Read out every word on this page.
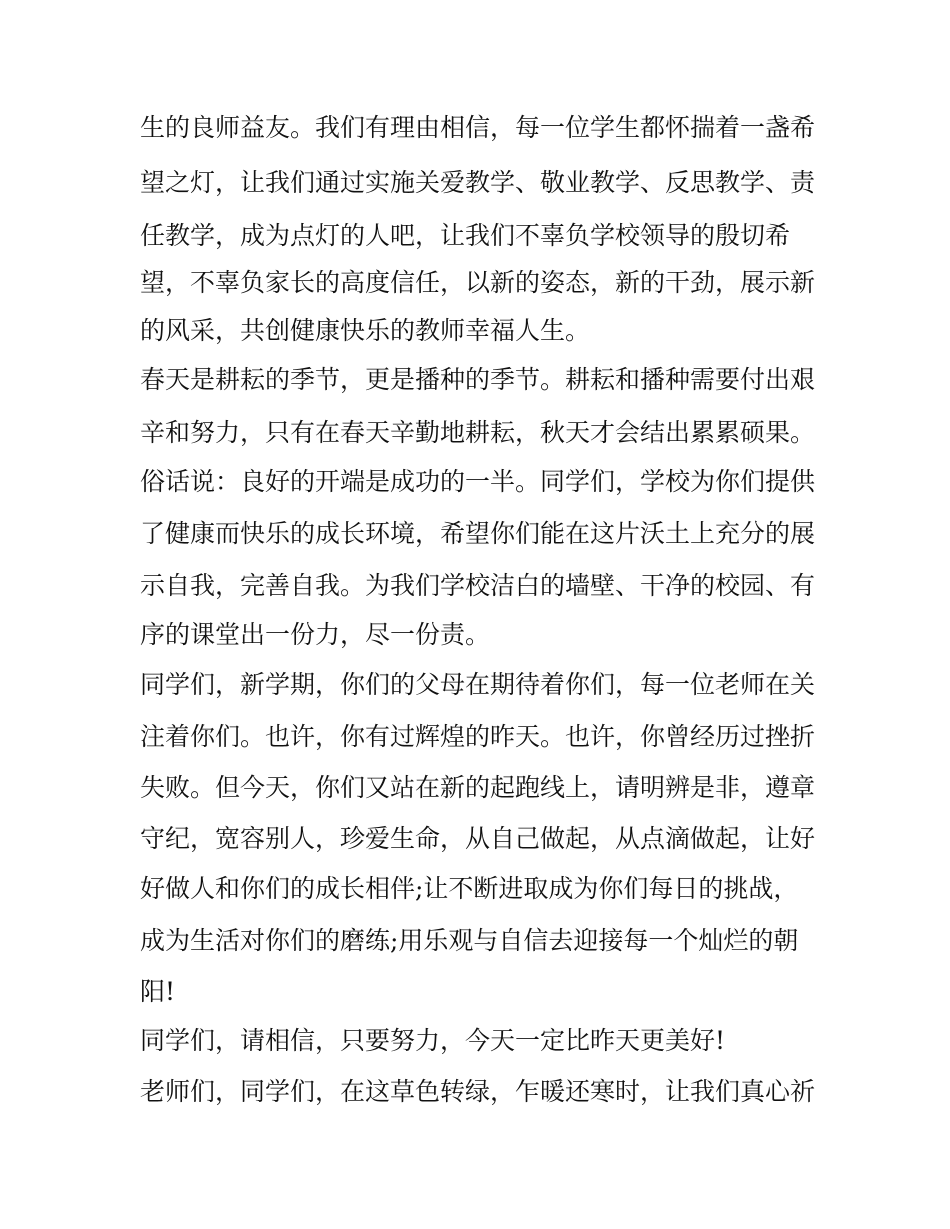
生的良师益友。我们有理由相信，每一位学生都怀揣着一盏希
望之灯，让我们通过实施关爱教学、敬业教学、反思教学、责
任教学，成为点灯的人吧，让我们不辜负学校领导的殷切希
望，不辜负家长的高度信任，以新的姿态，新的干劲，展示新
的风采，共创健康快乐的教师幸福人生。
春天是耕耘的季节，更是播种的季节。耕耘和播种需要付出艰
辛和努力，只有在春天辛勤地耕耘，秋天才会结出累累硕果。
俗话说：良好的开端是成功的一半。同学们，学校为你们提供
了健康而快乐的成长环境，希望你们能在这片沃土上充分的展
示自我，完善自我。为我们学校洁白的墙壁、干净的校园、有
序的课堂出一份力，尽一份责。
同学们，新学期，你们的父母在期待着你们，每一位老师在关
注着你们。也许，你有过辉煌的昨天。也许，你曾经历过挫折
失败。但今天，你们又站在新的起跑线上，请明辨是非，遵章
守纪，宽容别人，珍爱生命，从自己做起，从点滴做起，让好
好做人和你们的成长相伴;让不断进取成为你们每日的挑战，
成为生活对你们的磨练;用乐观与自信去迎接每一个灿烂的朝
阳!
同学们，请相信，只要努力，今天一定比昨天更美好!
老师们，同学们，在这草色转绿，乍暖还寒时，让我们真心祈
